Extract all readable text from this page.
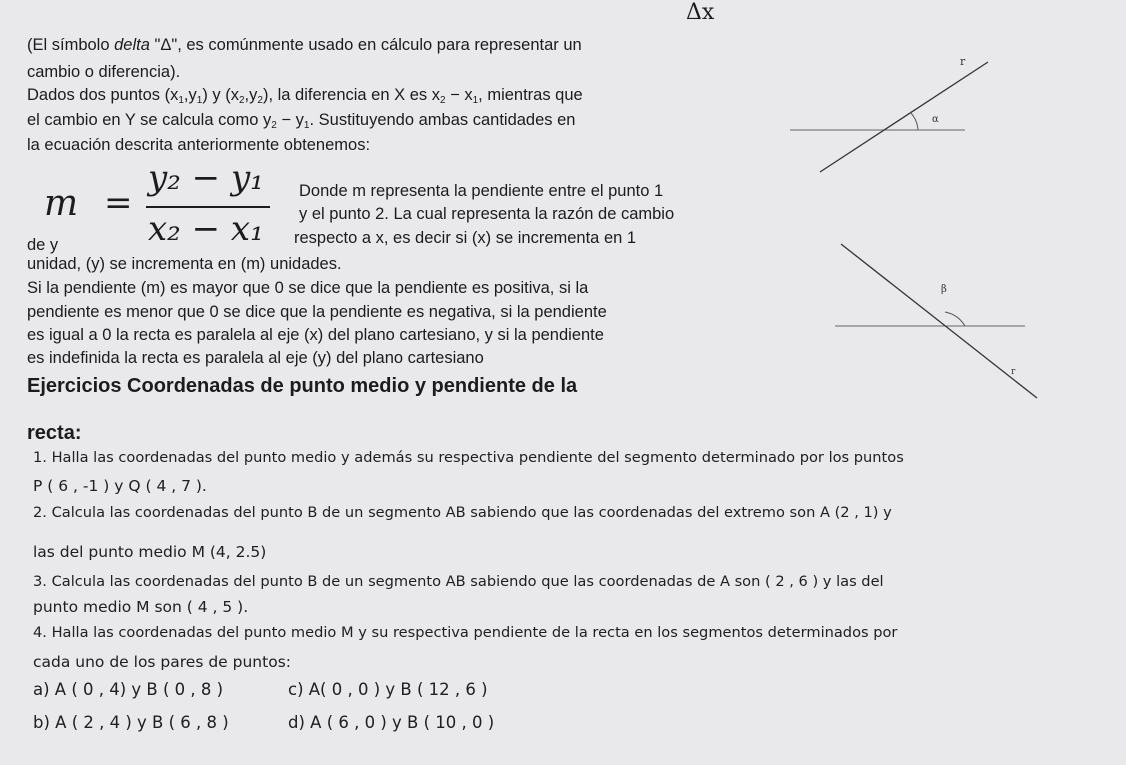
Δx
(El símbolo delta "Δ", es comúnmente usado en cálculo para representar un
cambio o diferencia).
Dados dos puntos $(x_1,y_1)$ y $(x_2,y_2)$, la diferencia en X es $x_2 - x_1$, mientras que
el cambio en Y se calcula como $y_2 - y_1$. Sustituyendo ambas cantidades en
la ecuación descrita anteriormente obtenemos:
m =
y₂ − y₁
x₂ − x₁
Donde m representa la pendiente entre el punto 1
y el punto 2. La cual representa la razón de cambio
de y	respecto a x, es decir si (x) se incrementa en 1
unidad, (y) se incrementa en (m) unidades.
Si la pendiente (m) es mayor que 0 se dice que la pendiente es positiva, si la
pendiente es menor que 0 se dice que la pendiente es negativa, si la pendiente
es igual a 0 la recta es paralela al eje (x) del plano cartesiano, y si la pendiente
es indefinida la recta es paralela al eje (y) del plano cartesiano
Ejercicios Coordenadas de punto medio y pendiente de la
recta:
1. Halla las coordenadas del punto medio y además su respectiva pendiente del segmento determinado por los puntos
P ( 6 , -1 ) y Q ( 4 , 7 ).
2. Calcula las coordenadas del punto B de un segmento AB sabiendo que las coordenadas del extremo son A (2 , 1) y
las del punto medio M (4, 2.5)
3. Calcula las coordenadas del punto B de un segmento AB sabiendo que las coordenadas de A son ( 2 , 6 ) y las del
punto medio M son ( 4 , 5 ).
4. Halla las coordenadas del punto medio M y su respectiva pendiente de la recta en los segmentos determinados por
cada uno de los pares de puntos:
a) A ( 0 , 4) y B ( 0 , 8 )	c) A( 0 , 0 ) y B ( 12 , 6 )
b) A ( 2 , 4 ) y B ( 6 , 8 )	d) A ( 6 , 0 ) y B ( 10 , 0 )
r
α
β
r
